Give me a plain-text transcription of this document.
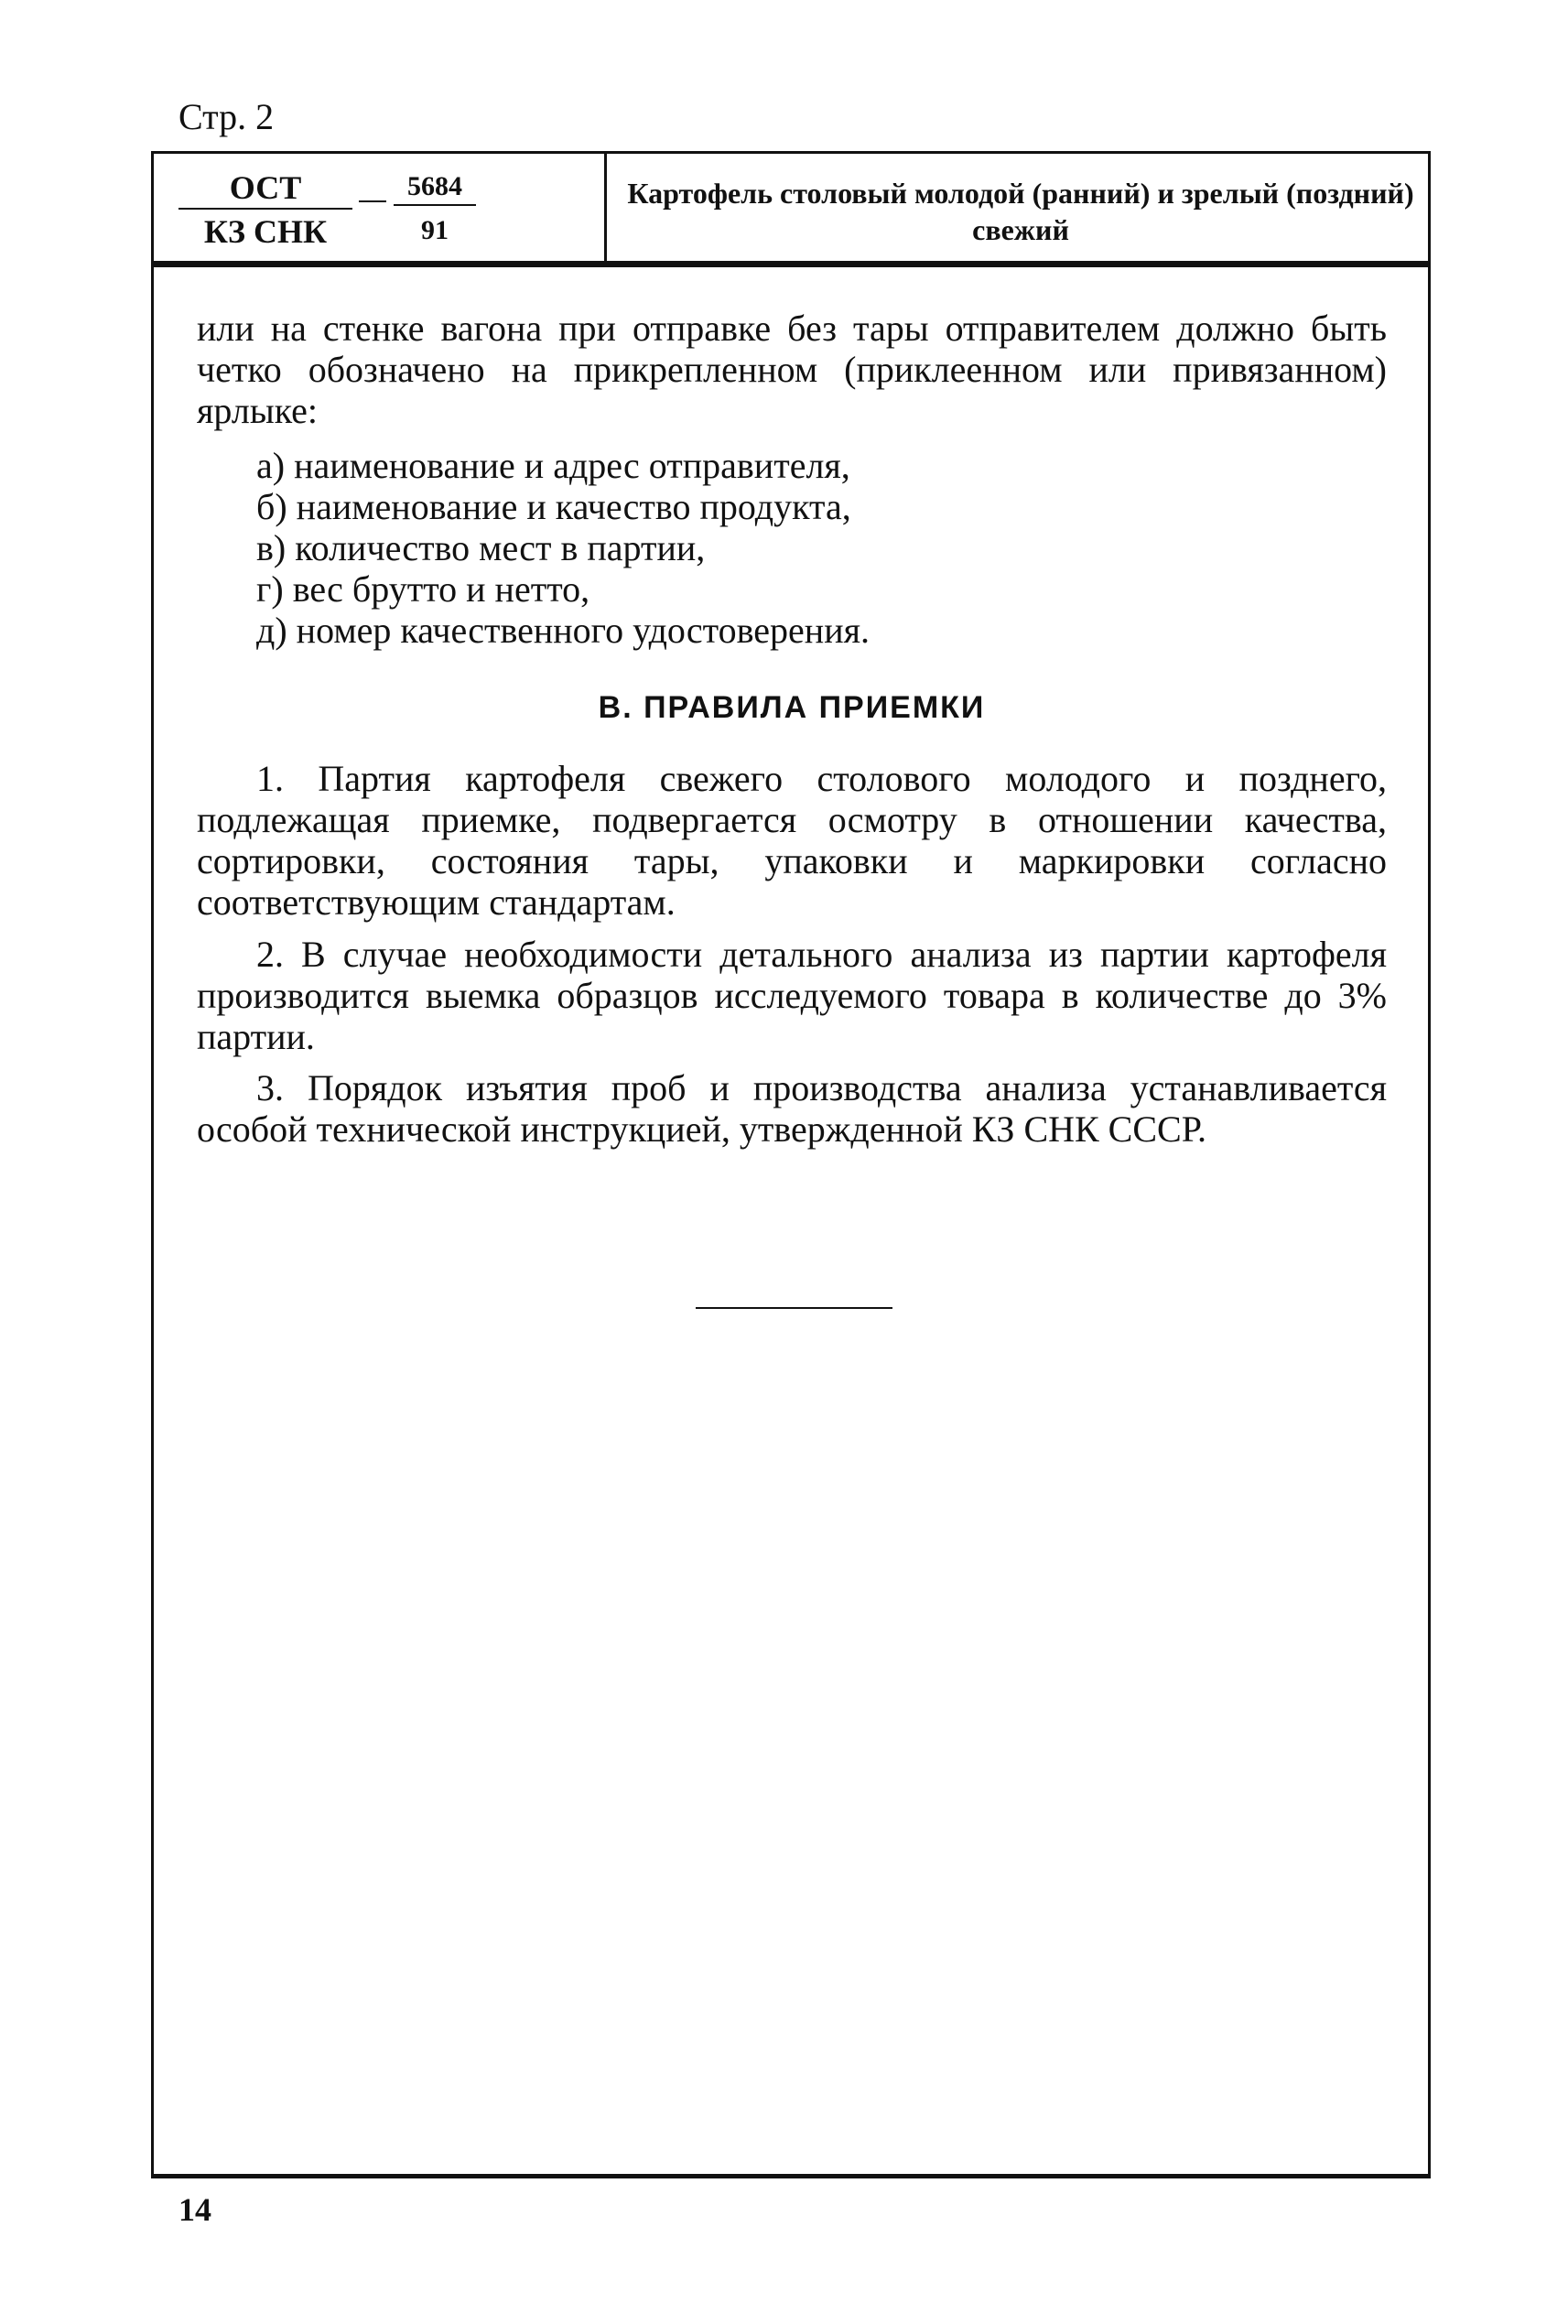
Стр. 2
ОСТ
КЗ СНК
5684
91
Картофель столовый молодой (ранний) и зрелый (поздний) свежий
или на стенке вагона при отправке без тары отправителем должно быть четко обозначено на прикрепленном (приклеенном или привязанном) ярлыке:
а) наименование и адрес отправителя,
б) наименование и качество продукта,
в) количество мест в партии,
г) вес брутто и нетто,
д) номер качественного удостоверения.
В. ПРАВИЛА ПРИЕМКИ
1. Партия картофеля свежего столового молодого и позднего, подлежащая приемке, подвергается осмотру в отношении качества, сортировки, состояния тары, упаковки и маркировки согласно соответствующим стандартам.
2. В случае необходимости детального анализа из партии картофеля производится выемка образцов исследуемого товара в количестве до 3% партии.
3. Порядок изъятия проб и производства анализа устанавливается особой технической инструкцией, утвержденной КЗ СНК СССР.
14
